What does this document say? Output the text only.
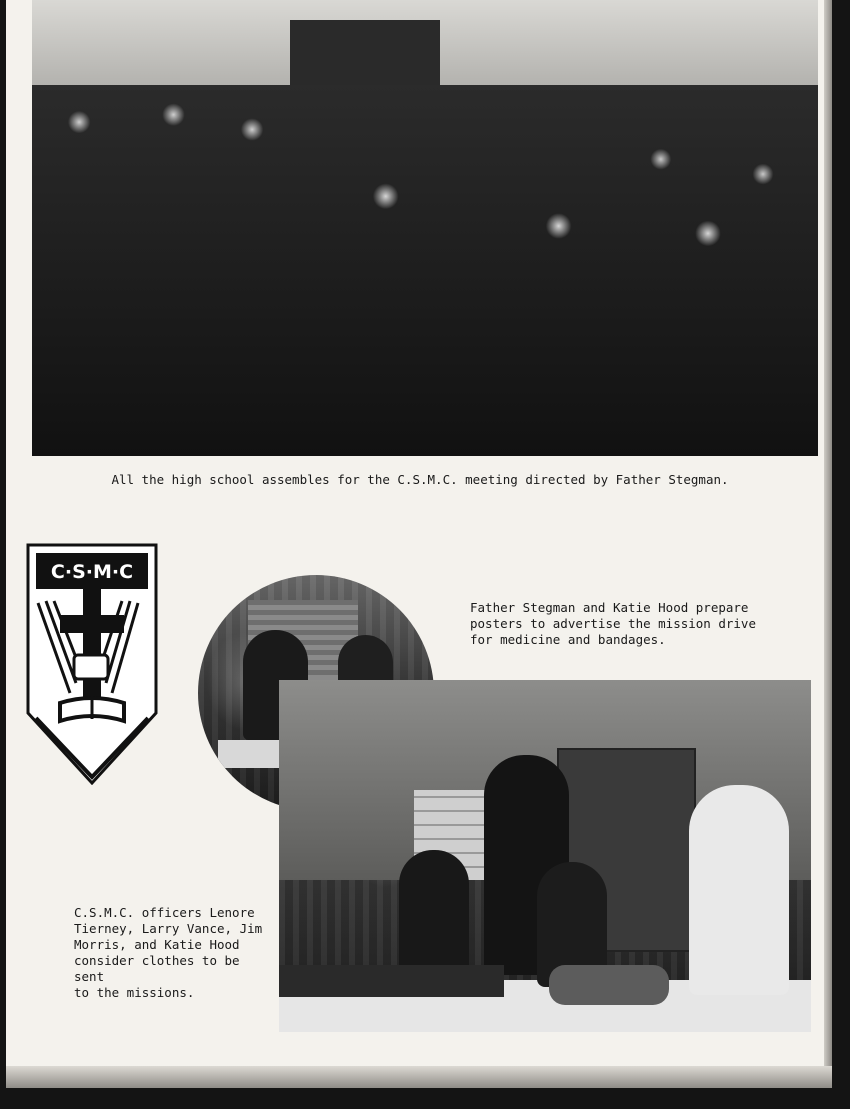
All the high school assembles for the C.S.M.C. meeting directed by Father Stegman.

C·S·M·C

Father Stegman and Katie Hood prepare
posters to advertise the mission drive
for medicine and bandages.

C.S.M.C. officers Lenore
Tierney, Larry Vance, Jim
Morris, and Katie Hood
consider clothes to be sent
to the missions.
